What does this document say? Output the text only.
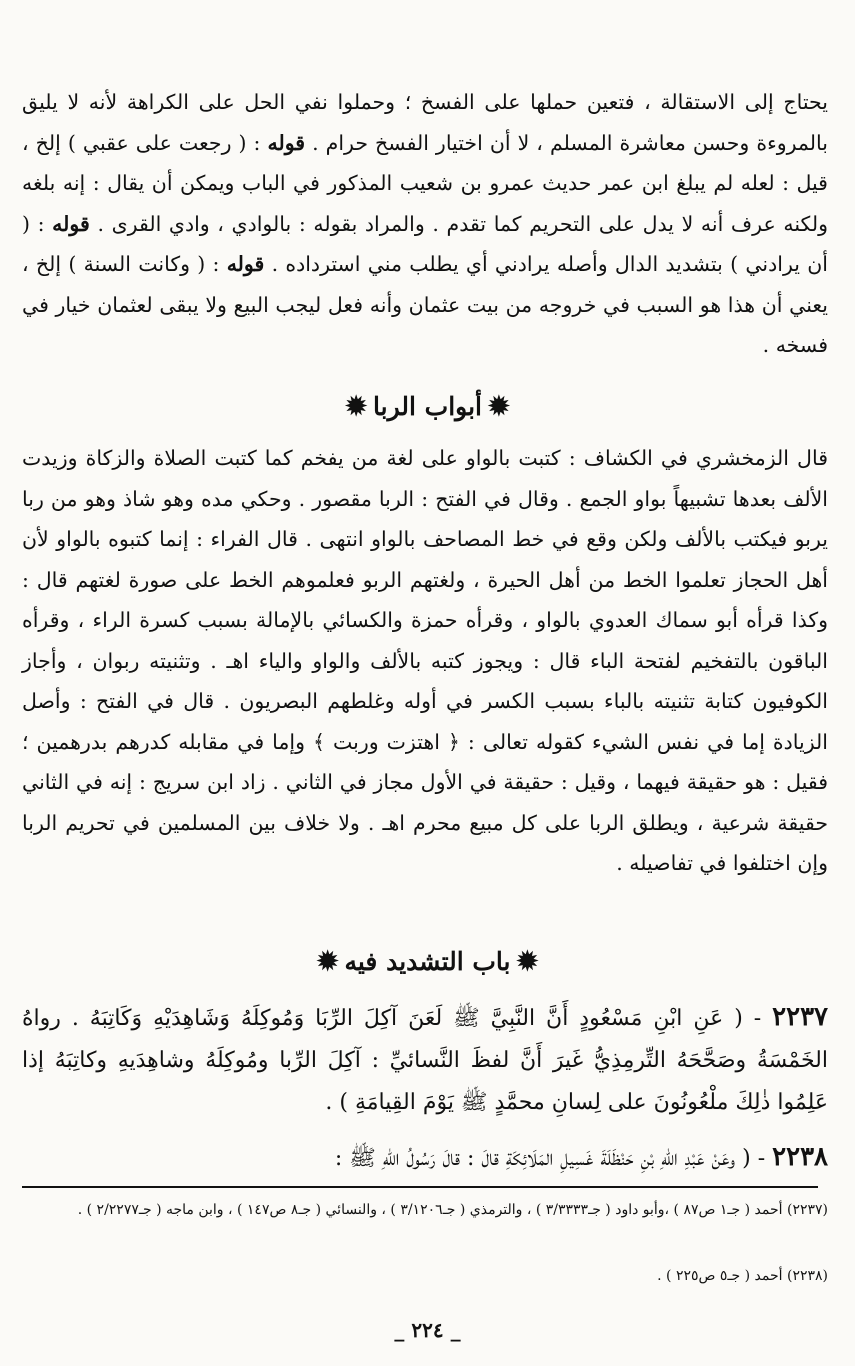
يحتاج إلى الاستقالة ، فتعين حملها على الفسخ ؛ وحملوا نفي الحل على الكراهة لأنه لا يليق بالمروءة وحسن معاشرة المسلم ، لا أن اختيار الفسخ حرام . قوله : ( رجعت على عقبي ) إلخ ، قيل : لعله لم يبلغ ابن عمر حديث عمرو بن شعيب المذكور في الباب ويمكن أن يقال : إنه بلغه ولكنه عرف أنه لا يدل على التحريم كما تقدم . والمراد بقوله : بالوادي ، وادي القرى . قوله : ( أن يرادني ) بتشديد الدال وأصله يرادني أي يطلب مني استرداده . قوله : ( وكانت السنة ) إلخ ، يعني أن هذا هو السبب في خروجه من بيت عثمان وأنه فعل ليجب البيع ولا يبقى لعثمان خيار في فسخه .
✹أبواب الربا✹
قال الزمخشري في الكشاف : كتبت بالواو على لغة من يفخم كما كتبت الصلاة والزكاة وزيدت الألف بعدها تشبيهاً بواو الجمع . وقال في الفتح : الربا مقصور . وحكي مده وهو شاذ وهو من ربا يربو فيكتب بالألف ولكن وقع في خط المصاحف بالواو انتهى . قال الفراء : إنما كتبوه بالواو لأن أهل الحجاز تعلموا الخط من أهل الحيرة ، ولغتهم الربو فعلموهم الخط على صورة لغتهم قال : وكذا قرأه أبو سماك العدوي بالواو ، وقرأه حمزة والكسائي بالإمالة بسبب كسرة الراء ، وقرأه الباقون بالتفخيم لفتحة الباء قال : ويجوز كتبه بالألف والواو والياء اهـ . وتثنيته ربوان ، وأجاز الكوفيون كتابة تثنيته بالباء بسبب الكسر في أوله وغلطهم البصريون . قال في الفتح : وأصل الزيادة إما في نفس الشيء كقوله تعالى : ﴿ اهتزت وربت ﴾ وإما في مقابله كدرهم بدرهمين ؛ فقيل : هو حقيقة فيهما ، وقيل : حقيقة في الأول مجاز في الثاني . زاد ابن سريج : إنه في الثاني حقيقة شرعية ، ويطلق الربا على كل مبيع محرم اهـ . ولا خلاف بين المسلمين في تحريم الربا وإن اختلفوا في تفاصيله .
✹باب التشديد فيه✹
٢٢٣٧ - ( عَنِ ابْنِ مَسْعُودٍ أَنَّ النَّبِيَّ ﷺ لَعَنَ آكِلَ الرِّبَا وَمُوكِلَهُ وَشَاهِدَيْهِ وَكَاتِبَهُ . رواهُ الخَمْسَةُ وصَحَّحَهُ التِّرمِذِيُّ غَيرَ أَنَّ لفظَ النَّسائيِّ : آكِلَ الرِّبا ومُوكِلَهُ وشاهِدَيهِ وكاتِبَهُ إذا عَلِمُوا ذٰلِكَ ملْعُونُونَ على لِسانِ محمَّدٍ ﷺ يَوْمَ القِيامَةِ ) .
٢٢٣٨ - ( وعَنْ عَبْدِ اللهِ بْنِ حَنْظَلَةَ غَسِيلِ المَلَائِكَةِ قالَ : قالَ رَسُولُ اللهِ ﷺ :
(٢٢٣٧) أحمد ( جـ١ ص٨٧ ) ،وأبو داود ( جـ٣/٣٣٣٣ ) ، والترمذي ( جـ٣/١٢٠٦ ) ، والنسائي ( جـ٨ ص١٤٧ ) ، وابن ماجه ( جـ٢/٢٢٧٧ ) .
(٢٢٣٨) أحمد ( جـ٥ ص٢٢٥ ) .
_ ٢٢٤ _
